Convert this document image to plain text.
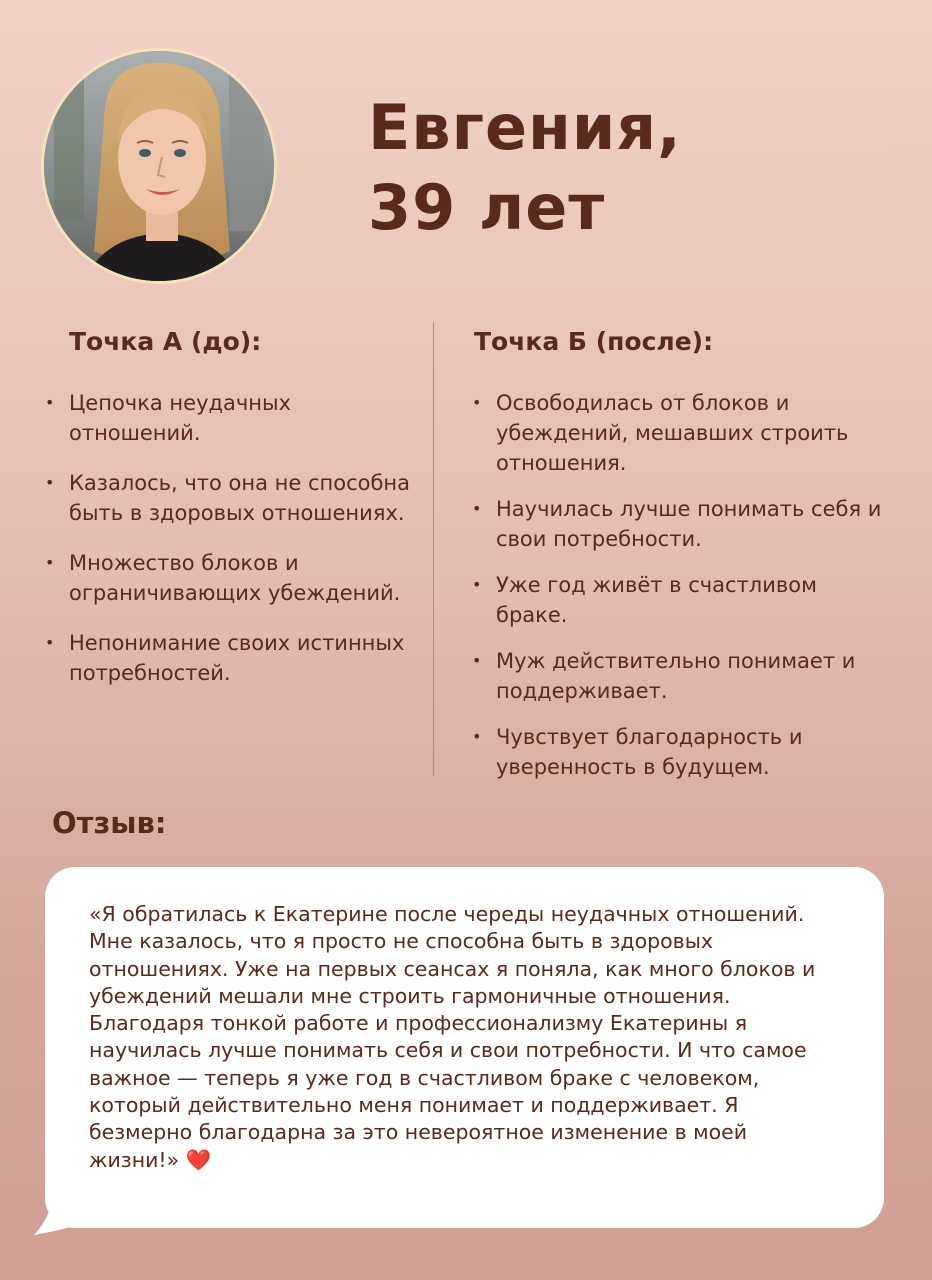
Евгения,
39 лет
Точка А (до):
• Цепочка неудачных отношений.
• Казалось, что она не способна быть в здоровых отношениях.
• Множество блоков и ограничивающих убеждений.
• Непонимание своих истинных потребностей.
Точка Б (после):
• Освободилась от блоков и убеждений, мешавших строить отношения.
• Научилась лучше понимать себя и свои потребности.
• Уже год живёт в счастливом браке.
• Муж действительно понимает и поддерживает.
• Чувствует благодарность и уверенность в будущем.
Отзыв:

«Я обратилась к Екатерине после череды неудачных отношений. Мне казалось, что я просто не способна быть в здоровых отношениях. Уже на первых сеансах я поняла, как много блоков и убеждений мешали мне строить гармоничные отношения. Благодаря тонкой работе и профессионализму Екатерины я научилась лучше понимать себя и свои потребности. И что самое важное — теперь я уже год в счастливом браке с человеком, который действительно меня понимает и поддерживает. Я безмерно благодарна за это невероятное изменение в моей жизни!» ❤️
